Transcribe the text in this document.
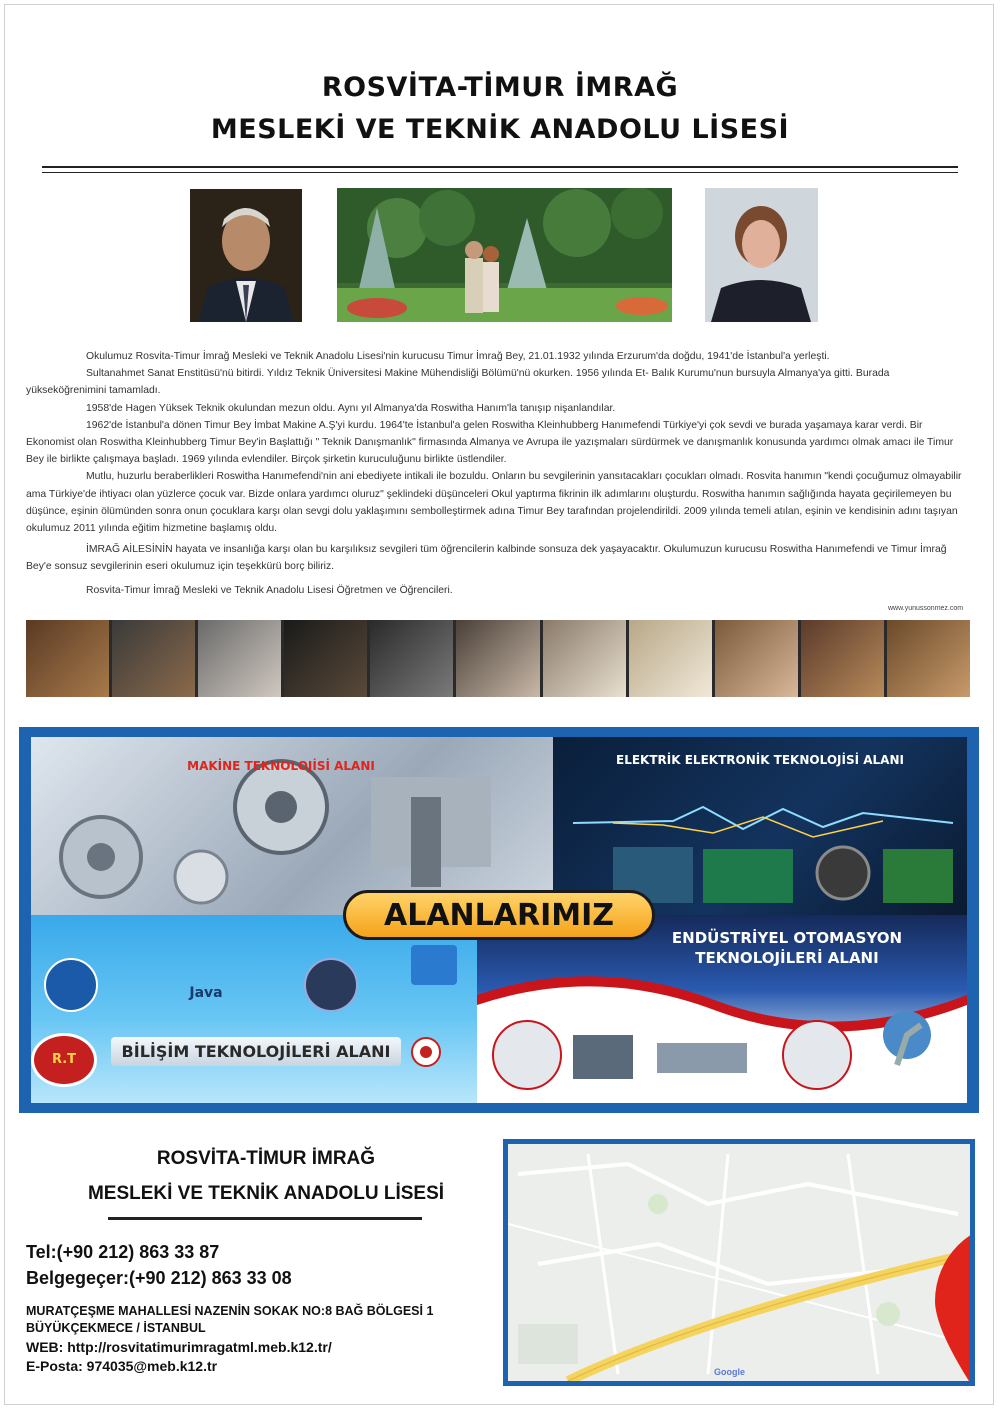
ROSVİTA-TİMUR İMRAĞ
MESLEKİ VE TEKNİK ANADOLU LİSESİ

Okulumuz Rosvita-Timur İmrağ Mesleki ve Teknik Anadolu Lisesi'nin kurucusu Timur İmrağ Bey, 21.01.1932 yılında Erzurum'da doğdu, 1941'de İstanbul'a yerleşti.

Sultanahmet Sanat Enstitüsü'nü bitirdi. Yıldız Teknik Üniversitesi Makine Mühendisliği Bölümü'nü okurken. 1956 yılında Et- Balık Kurumu'nun bursuyla Almanya'ya gitti. Burada yükseköğrenimini tamamladı.

1958'de Hagen Yüksek Teknik okulundan mezun oldu. Aynı yıl Almanya'da Roswitha Hanım'la tanışıp nişanlandılar.

1962'de İstanbul'a dönen Timur Bey İmbat Makine A.Ş'yi kurdu. 1964'te İstanbul'a gelen Roswitha Kleinhubberg Hanımefendi Türkiye'yi çok sevdi ve burada yaşamaya karar verdi. Bir Ekonomist olan Roswitha Kleinhubberg Timur Bey'in Başlattığı " Teknik Danışmanlık" firmasında Almanya ve Avrupa ile yazışmaları sürdürmek ve danışmanlık konusunda yardımcı olmak amacı ile Timur Bey ile birlikte çalışmaya başladı. 1969 yılında evlendiler. Birçok şirketin kuruculuğunu birlikte üstlendiler.

Mutlu, huzurlu beraberlikleri Roswitha Hanımefendi'nin ani ebediyete intikali ile bozuldu. Onların bu sevgilerinin yansıtacakları çocukları olmadı. Rosvita hanımın "kendi çocuğumuz olmayabilir ama Türkiye'de ihtiyacı olan yüzlerce çocuk var. Bizde onlara yardımcı oluruz" şeklindeki düşünceleri Okul yaptırma fikrinin ilk adımlarını oluşturdu. Roswitha hanımın sağlığında hayata geçirilemeyen bu düşünce, eşinin ölümünden sonra onun çocuklara karşı olan sevgi dolu yaklaşımını sembolleştirmek adına Timur Bey tarafından projelendirildi. 2009 yılında temeli atılan, eşinin ve kendisinin adını taşıyan okulumuz 2011 yılında eğitim hizmetine başlamış oldu.

İMRAĞ AİLESİNİN hayata ve insanlığa karşı olan bu karşılıksız sevgileri tüm öğrencilerin kalbinde sonsuza dek yaşayacaktır. Okulumuzun kurucusu Roswitha Hanımefendi ve Timur İmrağ Bey'e sonsuz sevgilerinin eseri okulumuz için teşekkürü borç biliriz.

Rosvita-Timur İmrağ Mesleki ve Teknik Anadolu Lisesi Öğretmen ve Öğrencileri.

www.yunussonmez.com
MAKİNE TEKNOLOJİSİ ALANI	ELEKTRİK ELEKTRONİK TEKNOLOJİSİ ALANI
Java
R.T	BİLİŞİM TEKNOLOJİLERİ ALANI
ENDÜSTRİYEL OTOMASYON
TEKNOLOJİLERİ ALANI
ALANLARIMIZ
ROSVİTA-TİMUR İMRAĞ
MESLEKİ VE TEKNİK ANADOLU LİSESİ
Tel:(+90 212) 863 33 87
Belgegeçer:(+90 212) 863 33 08
MURATÇEŞME MAHALLESİ NAZENİN SOKAK NO:8 BAĞ BÖLGESİ 1
BÜYÜKÇEKMECE / İSTANBUL
WEB: http://rosvitatimurimragatml.meb.k12.tr/
E-Posta: 974035@meb.k12.tr	Google
